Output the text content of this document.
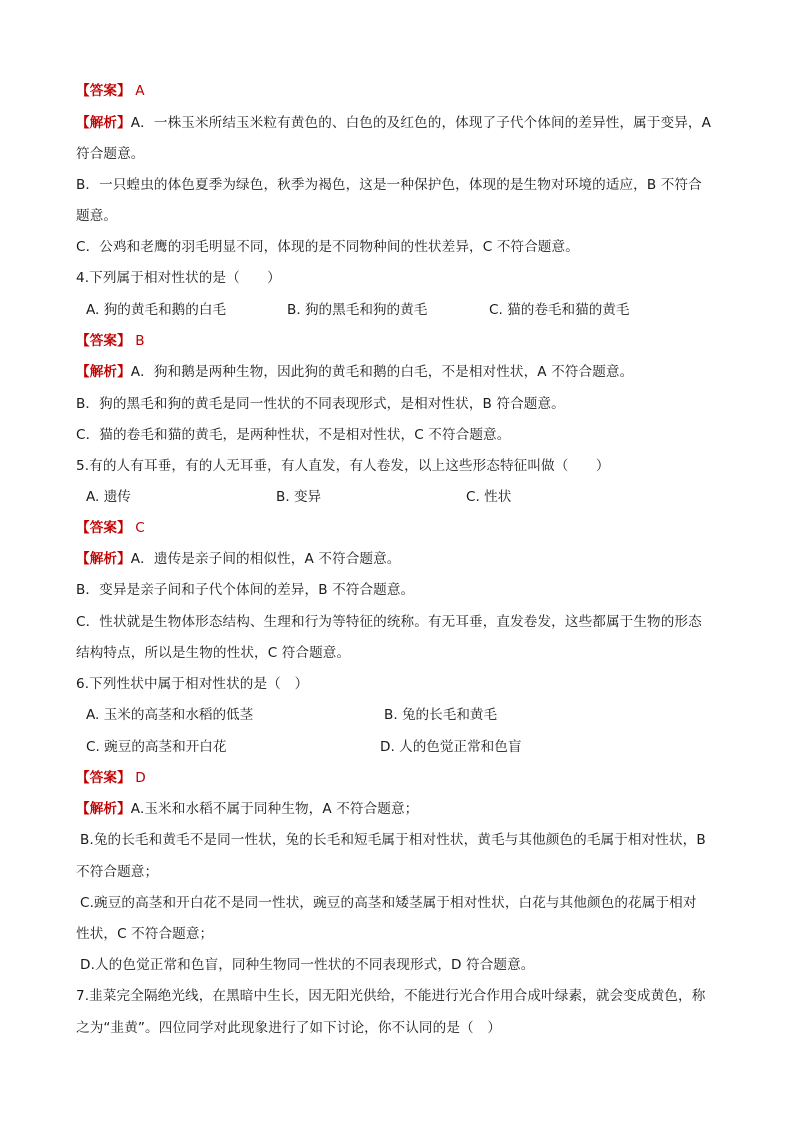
【答案】 A
【解析】A．一株玉米所结玉米粒有黄色的、白色的及红色的，体现了子代个体间的差异性，属于变异，A
符合题意。
B．一只蝗虫的体色夏季为绿色，秋季为褐色，这是一种保护色，体现的是生物对环境的适应，B 不符合
题意。
C．公鸡和老鹰的羽毛明显不同，体现的是不同物种间的性状差异，C 不符合题意。
4.下列属于相对性状的是（　　）
A. 狗的黄毛和鹅的白毛	B. 狗的黑毛和狗的黄毛	C. 猫的卷毛和猫的黄毛
【答案】 B
【解析】A．狗和鹅是两种生物，因此狗的黄毛和鹅的白毛，不是相对性状，A 不符合题意。
B．狗的黑毛和狗的黄毛是同一性状的不同表现形式，是相对性状，B 符合题意。
C．猫的卷毛和猫的黄毛，是两种性状，不是相对性状，C 不符合题意。
5.有的人有耳垂，有的人无耳垂，有人直发，有人卷发，以上这些形态特征叫做（　　）
A. 遗传	B. 变异	C. 性状
【答案】 C
【解析】A．遗传是亲子间的相似性，A 不符合题意。
B．变异是亲子间和子代个体间的差异，B 不符合题意。
C．性状就是生物体形态结构、生理和行为等特征的统称。有无耳垂，直发卷发，这些都属于生物的形态
结构特点，所以是生物的性状，C 符合题意。
6.下列性状中属于相对性状的是（　）
A. 玉米的高茎和水稻的低茎	B. 兔的长毛和黄毛
C. 豌豆的高茎和开白花	D. 人的色觉正常和色盲
【答案】 D
【解析】A.玉米和水稻不属于同种生物，A 不符合题意；
B.兔的长毛和黄毛不是同一性状，兔的长毛和短毛属于相对性状，黄毛与其他颜色的毛属于相对性状，B
不符合题意；
C.豌豆的高茎和开白花不是同一性状，豌豆的高茎和矮茎属于相对性状，白花与其他颜色的花属于相对
性状，C 不符合题意；
D.人的色觉正常和色盲，同种生物同一性状的不同表现形式，D 符合题意。
7.韭菜完全隔绝光线，在黑暗中生长，因无阳光供给，不能进行光合作用合成叶绿素，就会变成黄色，称
之为“韭黄”。四位同学对此现象进行了如下讨论，你不认同的是（　）
